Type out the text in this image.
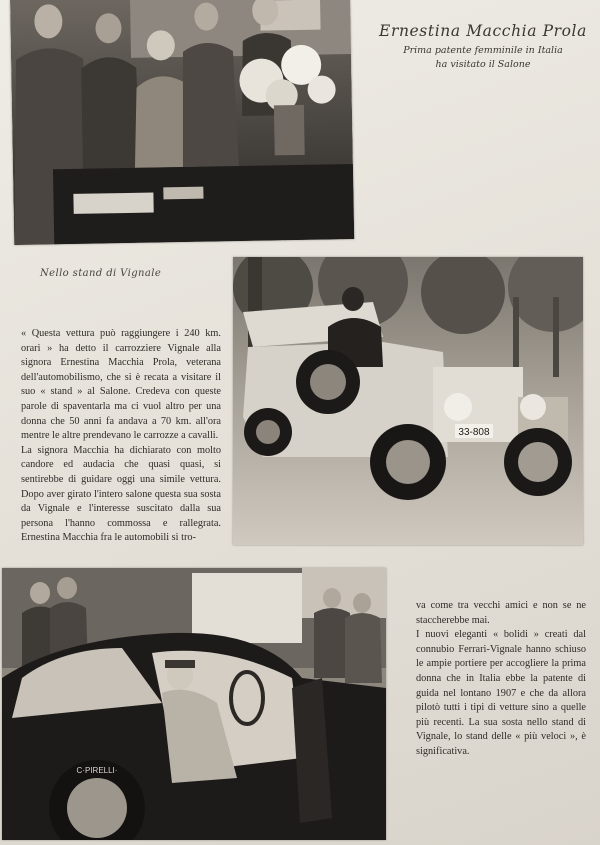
Ernestina Macchia Prola
Prima patente femminile in Italia
ha visitato il Salone
Nello stand di Vignale
33-808

« Questa vettura può raggiungere i 240 km. orari » ha detto il carrozziere Vignale alla signora Ernestina Macchia Prola, veterana dell'automobilismo, che si è recata a visitare il suo « stand » al Salone. Credeva con queste parole di spaventarla ma ci vuol altro per una donna che 50 anni fa andava a 70 km. all'ora mentre le altre prendevano le carrozze a cavalli.

La signora Macchia ha dichiarato con molto candore ed audacia che quasi quasi, si sentirebbe di guidare oggi una simile vettura. Dopo aver girato l'intero salone questa sua sosta da Vignale e l'interesse suscitato dalla sua persona l'hanno commossa e rallegrata. Ernestina Macchia fra le automobili si tro-

C·PIRELLI·

va come tra vecchi amici e non se ne staccherebbe mai.

I nuovi eleganti « bolidi » creati dal connubio Ferrari-Vignale hanno schiuso le ampie portiere per accogliere la prima donna che in Italia ebbe la patente di guida nel lontano 1907 e che da allora pilotò tutti i tipi di vetture sino a quelle più recenti. La sua sosta nello stand di Vignale, lo stand delle « più veloci », è significativa.
